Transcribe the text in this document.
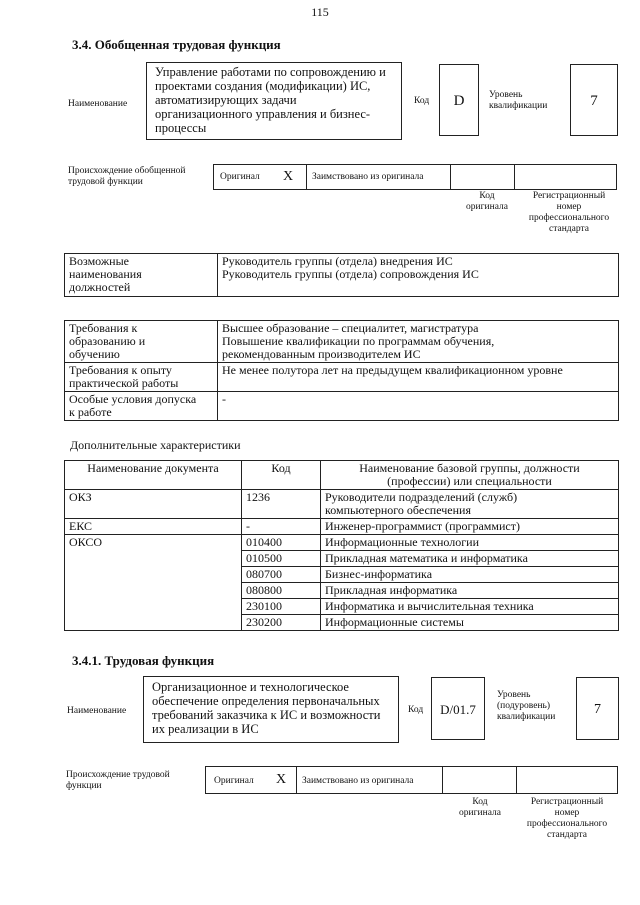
115
3.4. Обобщенная трудовая функция
Наименование
Управление работами по сопровождению и
проектами создания (модификации) ИС,
автоматизирующих задачи
организационного управления и бизнес-
процессы
Код	D	Уровень
квалификации	7
Происхождение обобщенной
трудовой функции	Оригинал X Заимствовано из оригинала
Код
оригинала
Регистрационный
номер
профессионального
стандарта
Возможные
наименования
должностей	Руководитель группы (отдела) внедрения ИС
Руководитель группы (отдела) сопровождения ИС
Требования к
образованию и
обучению	Высшее образование – специалитет, магистратура
Повышение квалификации по программам обучения,
рекомендованным производителем ИС
Требования к опыту
практической работы	Не менее полутора лет на предыдущем квалификационном уровне
Особые условия допуска
к работе	-
Дополнительные характеристики
Наименование документа	Код	Наименование базовой группы, должности
(профессии) или специальности
ОКЗ	1236	Руководители подразделений (служб)
компьютерного обеспечения
ЕКС	-	Инженер-программист (программист)
ОКСО	010400	Информационные технологии
	010500	Прикладная математика и информатика
	080700	Бизнес-информатика
	080800	Прикладная информатика
	230100	Информатика и вычислительная техника
	230200	Информационные системы
3.4.1. Трудовая функция
Наименование
Организационное и технологическое
обеспечение определения первоначальных
требований заказчика к ИС и возможности
их реализации в ИС
Код	D/01.7
Уровень
(подуровень)
квалификации	7
Происхождение трудовой
функции	Оригинал X Заимствовано из оригинала
Код
оригинала
Регистрационный
номер
профессионального
стандарта
